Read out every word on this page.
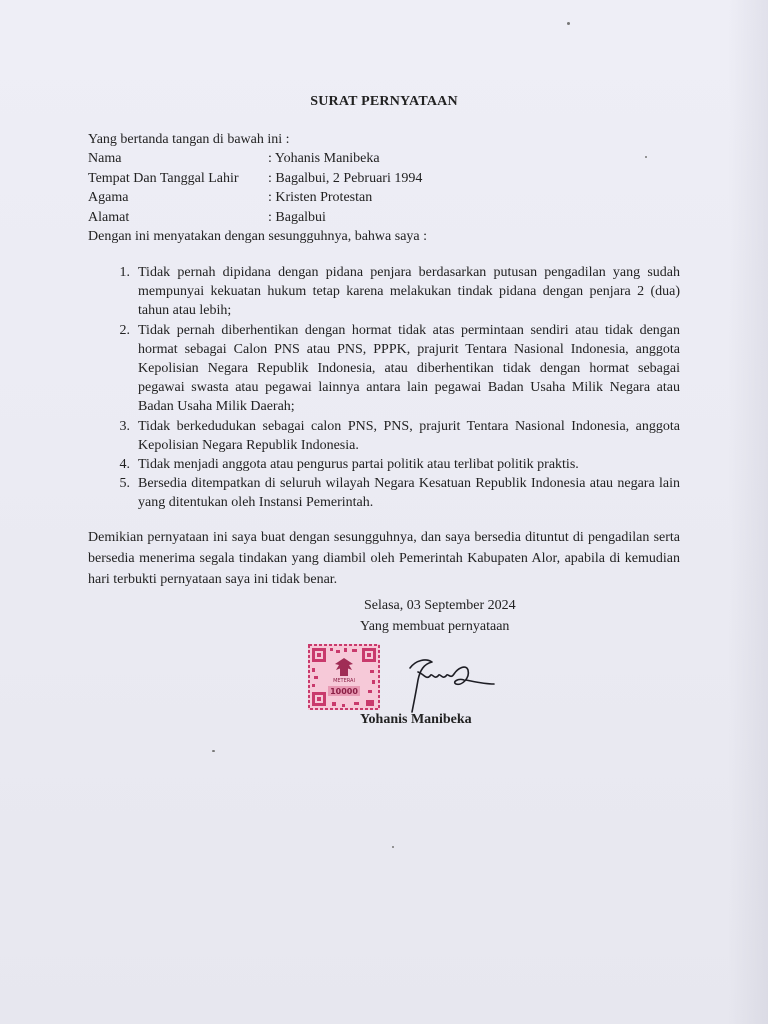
SURAT PERNYATAAN
Yang bertanda tangan di bawah ini :
Nama	: Yohanis Manibeka
Tempat Dan Tanggal Lahir	: Bagalbui, 2 Pebruari 1994
Agama	: Kristen Protestan
Alamat	: Bagalbui
Dengan ini menyatakan dengan sesungguhnya, bahwa saya :
1. Tidak pernah dipidana dengan pidana penjara berdasarkan putusan pengadilan yang sudah mempunyai kekuatan hukum tetap karena melakukan tindak pidana dengan penjara 2 (dua) tahun atau lebih;
2. Tidak pernah diberhentikan dengan hormat tidak atas permintaan sendiri atau tidak dengan hormat sebagai Calon PNS atau PNS, PPPK, prajurit Tentara Nasional Indonesia, anggota Kepolisian Negara Republik Indonesia, atau diberhentikan tidak dengan hormat sebagai pegawai swasta atau pegawai lainnya antara lain pegawai Badan Usaha Milik Negara atau Badan Usaha Milik Daerah;
3. Tidak berkedudukan sebagai calon PNS, PNS, prajurit Tentara Nasional Indonesia, anggota Kepolisian Negara Republik Indonesia.
4. Tidak menjadi anggota atau pengurus partai politik atau terlibat politik praktis.
5. Bersedia ditempatkan di seluruh wilayah Negara Kesatuan Republik Indonesia atau negara lain yang ditentukan oleh Instansi Pemerintah.
Demikian pernyataan ini saya buat dengan sesungguhnya, dan saya bersedia dituntut di pengadilan serta bersedia menerima segala tindakan yang diambil oleh Pemerintah Kabupaten Alor, apabila di kemudian hari terbukti pernyataan saya ini tidak benar.
Selasa, 03 September 2024
Yang membuat pernyataan
METERAI
10000
Yohanis Manibeka
